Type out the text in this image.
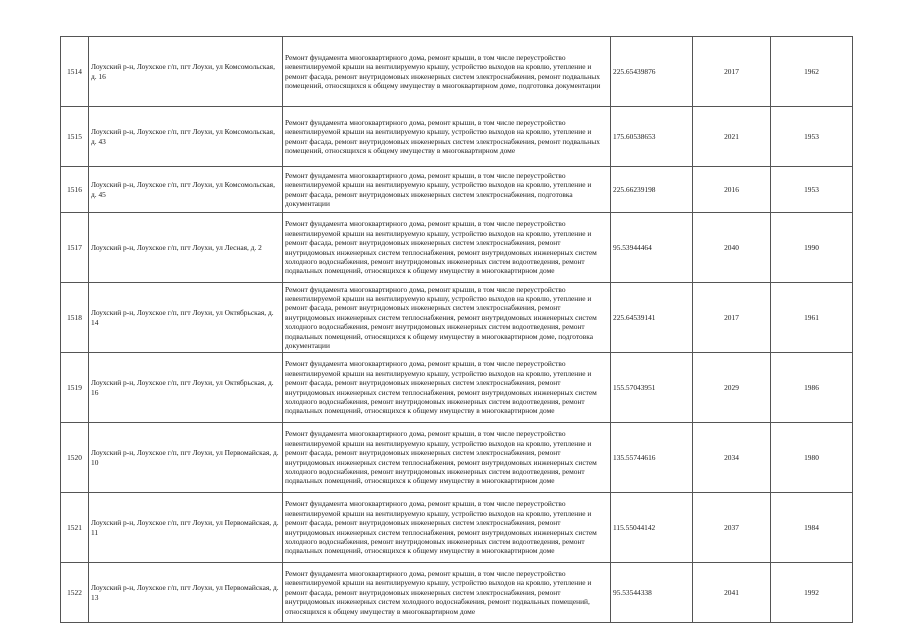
1514	Лоухский р-н, Лоухское г/п, пгт Лоухи, ул Комсомольская, д. 16	Ремонт фундамента многоквартирного дома, ремонт крыши, в том числе переустройство невентилируемой крыши на вентилируемую крышу, устройство выходов на кровлю, утепление и ремонт фасада, ремонт внутридомовых инженерных систем электроснабжения, ремонт подвальных помещений, относящихся к общему имуществу в многоквартирном доме, подготовка документации	225.65439876	2017	1962
1515	Лоухский р-н, Лоухское г/п, пгт Лоухи, ул Комсомольская, д. 43	Ремонт фундамента многоквартирного дома, ремонт крыши, в том числе переустройство невентилируемой крыши на вентилируемую крышу, устройство выходов на кровлю, утепление и ремонт фасада, ремонт внутридомовых инженерных систем электроснабжения, ремонт подвальных помещений, относящихся к общему имуществу в многоквартирном доме	175.60538653	2021	1953
1516	Лоухский р-н, Лоухское г/п, пгт Лоухи, ул Комсомольская, д. 45	Ремонт фундамента многоквартирного дома, ремонт крыши, в том числе переустройство невентилируемой крыши на вентилируемую крышу, устройство выходов на кровлю, утепление и ремонт фасада, ремонт внутридомовых инженерных систем электроснабжения, подготовка документации	225.66239198	2016	1953
1517	Лоухский р-н, Лоухское г/п, пгт Лоухи, ул Лесная, д. 2	Ремонт фундамента многоквартирного дома, ремонт крыши, в том числе переустройство невентилируемой крыши на вентилируемую крышу, устройство выходов на кровлю, утепление и ремонт фасада, ремонт внутридомовых инженерных систем электроснабжения, ремонт внутридомовых инженерных систем теплоснабжения, ремонт внутридомовых инженерных систем холодного водоснабжения, ремонт внутридомовых инженерных систем водоотведения, ремонт подвальных помещений, относящихся к общему имуществу в многоквартирном доме	95.53944464	2040	1990
1518	Лоухский р-н, Лоухское г/п, пгт Лоухи, ул Октябрьская, д. 14	Ремонт фундамента многоквартирного дома, ремонт крыши, в том числе переустройство невентилируемой крыши на вентилируемую крышу, устройство выходов на кровлю, утепление и ремонт фасада, ремонт внутридомовых инженерных систем электроснабжения, ремонт внутридомовых инженерных систем теплоснабжения, ремонт внутридомовых инженерных систем холодного водоснабжения, ремонт внутридомовых инженерных систем водоотведения, ремонт подвальных помещений, относящихся к общему имуществу в многоквартирном доме, подготовка документации	225.64539141	2017	1961
1519	Лоухский р-н, Лоухское г/п, пгт Лоухи, ул Октябрьская, д. 16	Ремонт фундамента многоквартирного дома, ремонт крыши, в том числе переустройство невентилируемой крыши на вентилируемую крышу, устройство выходов на кровлю, утепление и ремонт фасада, ремонт внутридомовых инженерных систем электроснабжения, ремонт внутридомовых инженерных систем теплоснабжения, ремонт внутридомовых инженерных систем холодного водоснабжения, ремонт внутридомовых инженерных систем водоотведения, ремонт подвальных помещений, относящихся к общему имуществу в многоквартирном доме	155.57043951	2029	1986
1520	Лоухский р-н, Лоухское г/п, пгт Лоухи, ул Первомайская, д. 10	Ремонт фундамента многоквартирного дома, ремонт крыши, в том числе переустройство невентилируемой крыши на вентилируемую крышу, устройство выходов на кровлю, утепление и ремонт фасада, ремонт внутридомовых инженерных систем электроснабжения, ремонт внутридомовых инженерных систем теплоснабжения, ремонт внутридомовых инженерных систем холодного водоснабжения, ремонт внутридомовых инженерных систем водоотведения, ремонт подвальных помещений, относящихся к общему имуществу в многоквартирном доме	135.55744616	2034	1980
1521	Лоухский р-н, Лоухское г/п, пгт Лоухи, ул Первомайская, д. 11	Ремонт фундамента многоквартирного дома, ремонт крыши, в том числе переустройство невентилируемой крыши на вентилируемую крышу, устройство выходов на кровлю, утепление и ремонт фасада, ремонт внутридомовых инженерных систем электроснабжения, ремонт внутридомовых инженерных систем теплоснабжения, ремонт внутридомовых инженерных систем холодного водоснабжения, ремонт внутридомовых инженерных систем водоотведения, ремонт подвальных помещений, относящихся к общему имуществу в многоквартирном доме	115.55044142	2037	1984
1522	Лоухский р-н, Лоухское г/п, пгт Лоухи, ул Первомайская, д. 13	Ремонт фундамента многоквартирного дома, ремонт крыши, в том числе переустройство невентилируемой крыши на вентилируемую крышу, устройство выходов на кровлю, утепление и ремонт фасада, ремонт внутридомовых инженерных систем электроснабжения, ремонт внутридомовых инженерных систем холодного водоснабжения, ремонт подвальных помещений, относящихся к общему имуществу в многоквартирном доме	95.53544338	2041	1992
